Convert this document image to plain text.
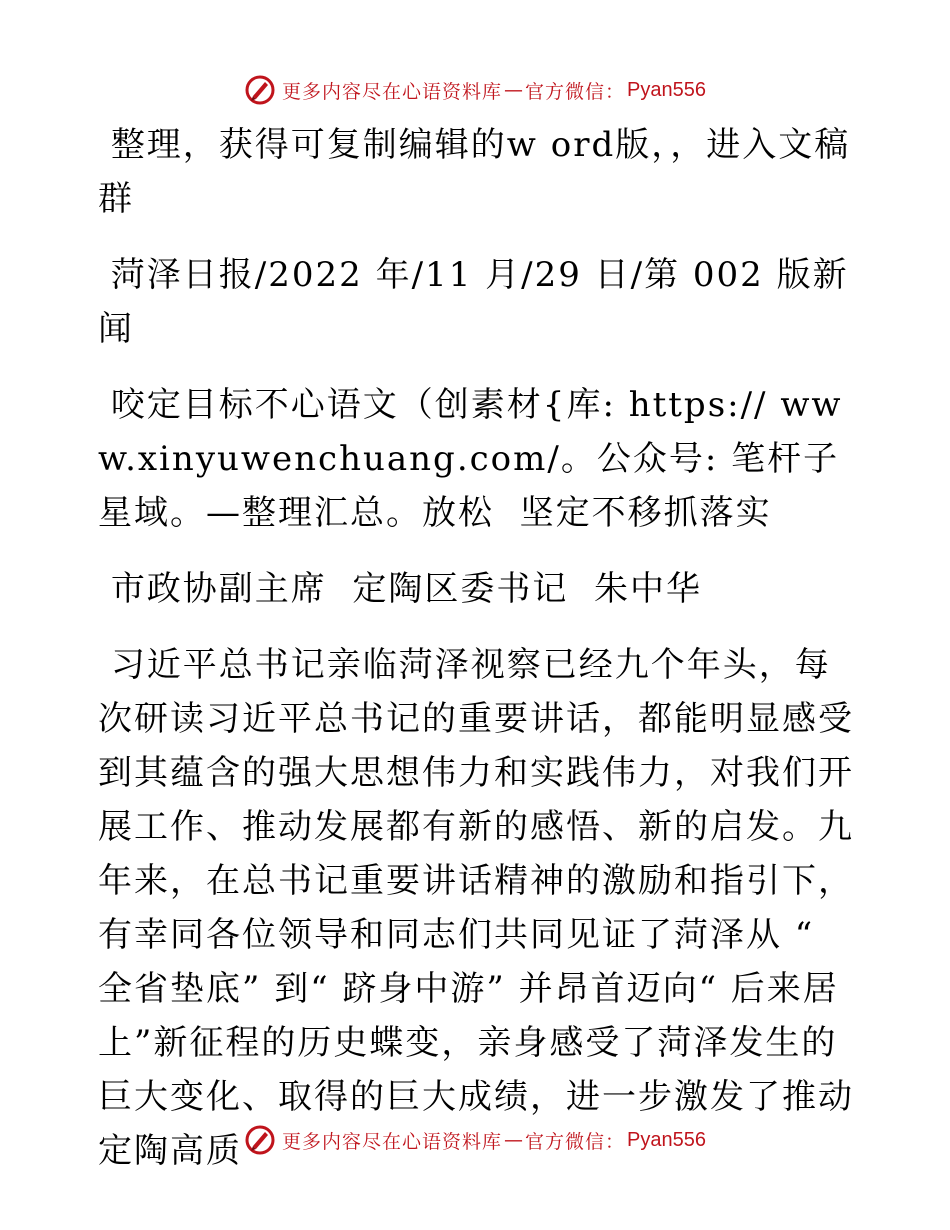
更多内容尽在心语资料库 — 官方微信： Pyan556

整理，获得可复制编辑的w ord版，，进入文稿群

菏泽日报/2022 年/11 月/29 日/第 002 版新闻

咬定目标不心语文（创素材{库: https:// www.xinyuwenchuang.com/。公众号: 笔杆子星域。—整理汇总。放松  坚定不移抓落实

市政协副主席  定陶区委书记  朱中华

习近平总书记亲临菏泽视察已经九个年头，每次研读习近平总书记的重要讲话，都能明显感受到其蕴含的强大思想伟力和实践伟力，对我们开展工作、推动发展都有新的感悟、新的启发。九年来，在总书记重要讲话精神的激励和指引下， 有幸同各位领导和同志们共同见证了菏泽从 “ 全省垫底” 到“ 跻身中游” 并昂首迈向“ 后来居上”新征程的历史蝶变，亲身感受了菏泽发生的巨大变化、取得的巨大成绩，进一步激发了推动定陶高质	更多内容尽在心语资料库 — 官方微信： Pyan556
